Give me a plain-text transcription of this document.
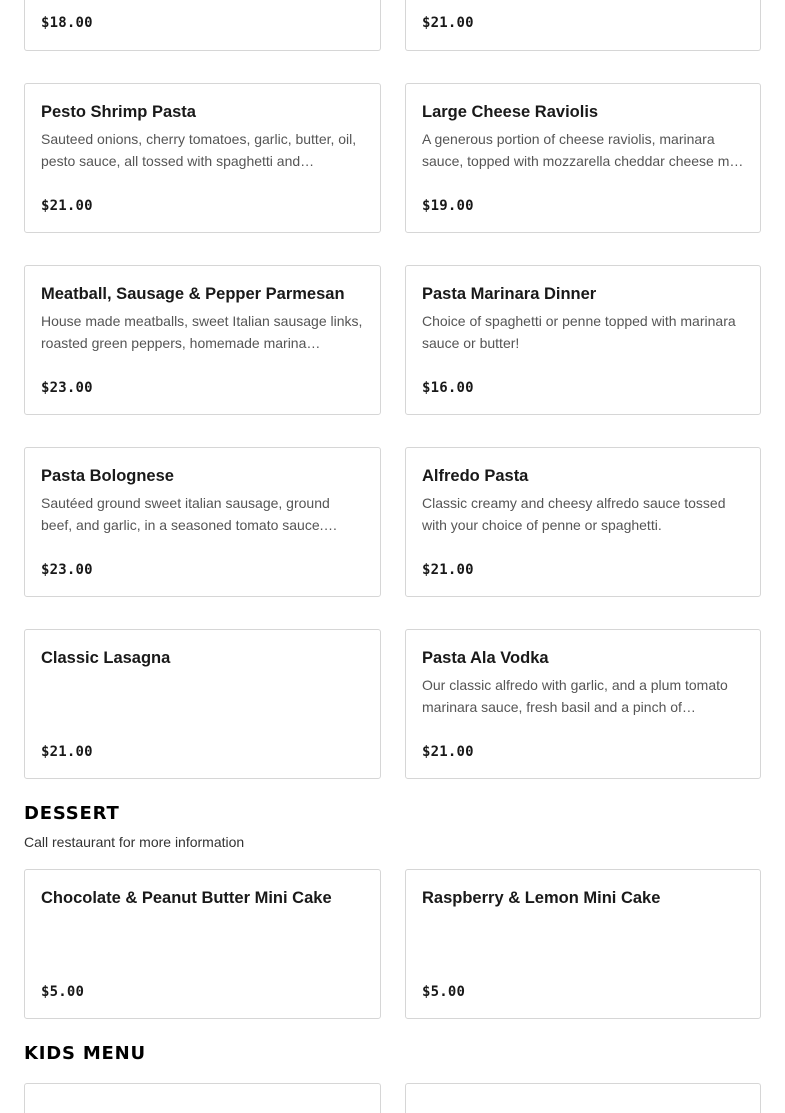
$18.00	$21.00
Pesto Shrimp Pasta
Sauteed onions, cherry tomatoes, garlic, butter, oil, pesto sauce, all tossed with spaghetti and…
$21.00
Large Cheese Raviolis
A generous portion of cheese raviolis, marinara sauce, topped with mozzarella cheddar cheese m…
$19.00
Meatball, Sausage & Pepper Parmesan
House made meatballs, sweet Italian sausage links, roasted green peppers, homemade marina…
$23.00
Pasta Marinara Dinner
Choice of spaghetti or penne topped with marinara sauce or butter!
$16.00
Pasta Bolognese
Sautéed ground sweet italian sausage, ground beef, and garlic, in a seasoned tomato sauce.…
$23.00
Alfredo Pasta
Classic creamy and cheesy alfredo sauce tossed with your choice of penne or spaghetti.
$21.00
Classic Lasagna
$21.00
Pasta Ala Vodka
Our classic alfredo with garlic, and a plum tomato marinara sauce, fresh basil and a pinch of…
$21.00
DESSERT
Call restaurant for more information
Chocolate & Peanut Butter Mini Cake
$5.00
Raspberry & Lemon Mini Cake
$5.00
KIDS MENU
